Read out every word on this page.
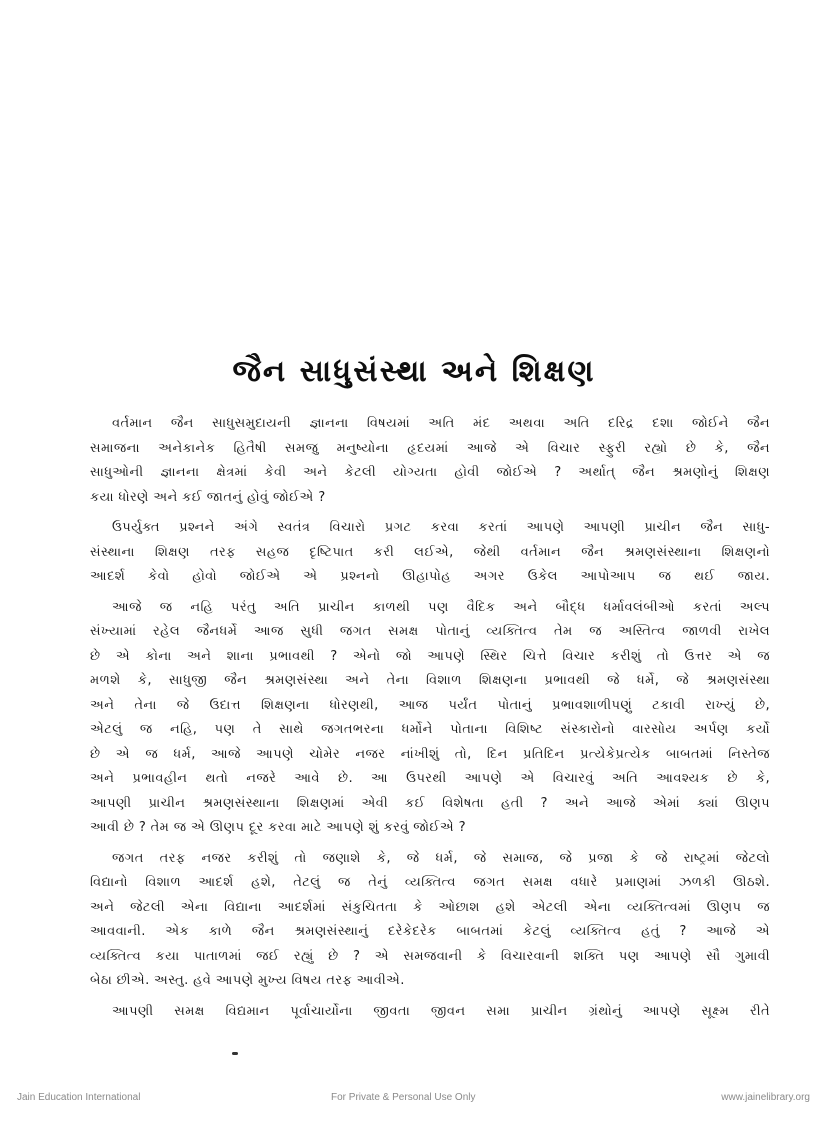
જૈન સાધુસંસ્થા અને શિક્ષણ
વર્તમાન જૈન સાધુસમુદાયની જ્ઞાનના વિષયમાં અતિ મંદ અથવા અતિ દરિદ્ર દશા જોઈને જૈન
સમાજના અનેકાનેક હિતૈષી સમજુ મનુષ્યોના હૃદયમાં આજે એ વિચાર સ્ફુરી રહ્યો છે કે, જૈન
સાધુઓની જ્ઞાનના ક્ષેત્રમાં કેવી અને કેટલી યોગ્યતા હોવી જોઈએ ? અર્થાત્ જૈન શ્રમણોનું શિક્ષણ
કયા ધોરણે અને કઈ જાતનું હોવું જોઈએ ?
ઉપર્યુક્ત પ્રશ્નને અંગે સ્વતંત્ર વિચારો પ્રગટ કરવા કરતાં આપણે આપણી પ્રાચીન જૈન સાધુ-
સંસ્થાના શિક્ષણ તરફ સહજ દૃષ્ટિપાત કરી લઈએ, જેથી વર્તમાન જૈન શ્રમણસંસ્થાના શિક્ષણનો
આદર્શ કેવો હોવો જોઈએ એ પ્રશ્નનો ઊહાપોહ અગર ઉકેલ આપોઆપ જ થઈ જાય.
આજે જ નહિ પરંતુ અતિ પ્રાચીન કાળથી પણ વૈદિક અને બૌદ્ધ ધર્માવલંબીઓ કરતાં અલ્પ
સંખ્યામાં રહેલ જૈનધર્મે આજ સુધી જગત સમક્ષ પોતાનું વ્યક્તિત્વ તેમ જ અસ્તિત્વ જાળવી રાખેલ
છે એ કોના અને શાના પ્રભાવથી ? એનો જો આપણે સ્થિર ચિત્તે વિચાર કરીશું તો ઉત્તર એ જ
મળશે કે, સાધુજી જૈન શ્રમણસંસ્થા અને તેના વિશાળ શિક્ષણના પ્રભાવથી જે ધર્મે, જે શ્રમણસંસ્થા
અને તેના જે ઉદાત્ત શિક્ષણના ધોરણથી, આજ પર્યંત પોતાનું પ્રભાવશાળીપણું ટકાવી રાખ્યું છે,
એટલું જ નહિ, પણ તે સાથે જગતભરના ધર્મોને પોતાના વિશિષ્ટ સંસ્કારોનો વારસોય અર્પણ કર્યો
છે એ જ ધર્મ, આજે આપણે ચોમેર નજર નાંખીશું તો, દિન પ્રતિદિન પ્રત્યેકેપ્રત્યેક બાબતમાં નિસ્તેજ
અને પ્રભાવહીન થતો નજરે આવે છે. આ ઉપરથી આપણે એ વિચારવું અતિ આવશ્યક છે કે,
આપણી પ્રાચીન શ્રમણસંસ્થાના શિક્ષણમાં એવી કઈ વિશેષતા હતી ? અને આજે એમાં ક્યાં ઊણપ
આવી છે ? તેમ જ એ ઊણપ દૂર કરવા માટે આપણે શું કરવું જોઈએ ?
જગત તરફ નજર કરીશું તો જણાશે કે, જે ધર્મ, જે સમાજ, જે પ્રજા કે જે રાષ્ટ્રમાં જેટલો
વિદ્યાનો વિશાળ આદર્શ હશે, તેટલું જ તેનું વ્યક્તિત્વ જગત સમક્ષ વધારે પ્રમાણમાં ઝળકી ઊઠશે.
અને જેટલી એના વિદ્યાના આદર્શમાં સંકુચિતતા કે ઓછાશ હશે એટલી એના વ્યક્તિત્વમાં ઊણપ જ
આવવાની. એક કાળે જૈન શ્રમણસંસ્થાનું દરેકેદરેક બાબતમાં કેટલું વ્યક્તિત્વ હતું ? આજે એ
વ્યક્તિત્વ કયા પાતાળમાં જઈ રહ્યું છે ? એ સમજવાની કે વિચારવાની શક્તિ પણ આપણે સૌ ગુમાવી
બેઠા છીએ. અસ્તુ. હવે આપણે મુખ્ય વિષય તરફ આવીએ.
આપણી સમક્ષ વિદ્યમાન પૂર્વાચાર્યોના જીવતા જીવન સમા પ્રાચીન ગ્રંથોનું આપણે સૂક્ષ્મ રીતે
Jain Education International	For Private & Personal Use Only	www.jainelibrary.org
